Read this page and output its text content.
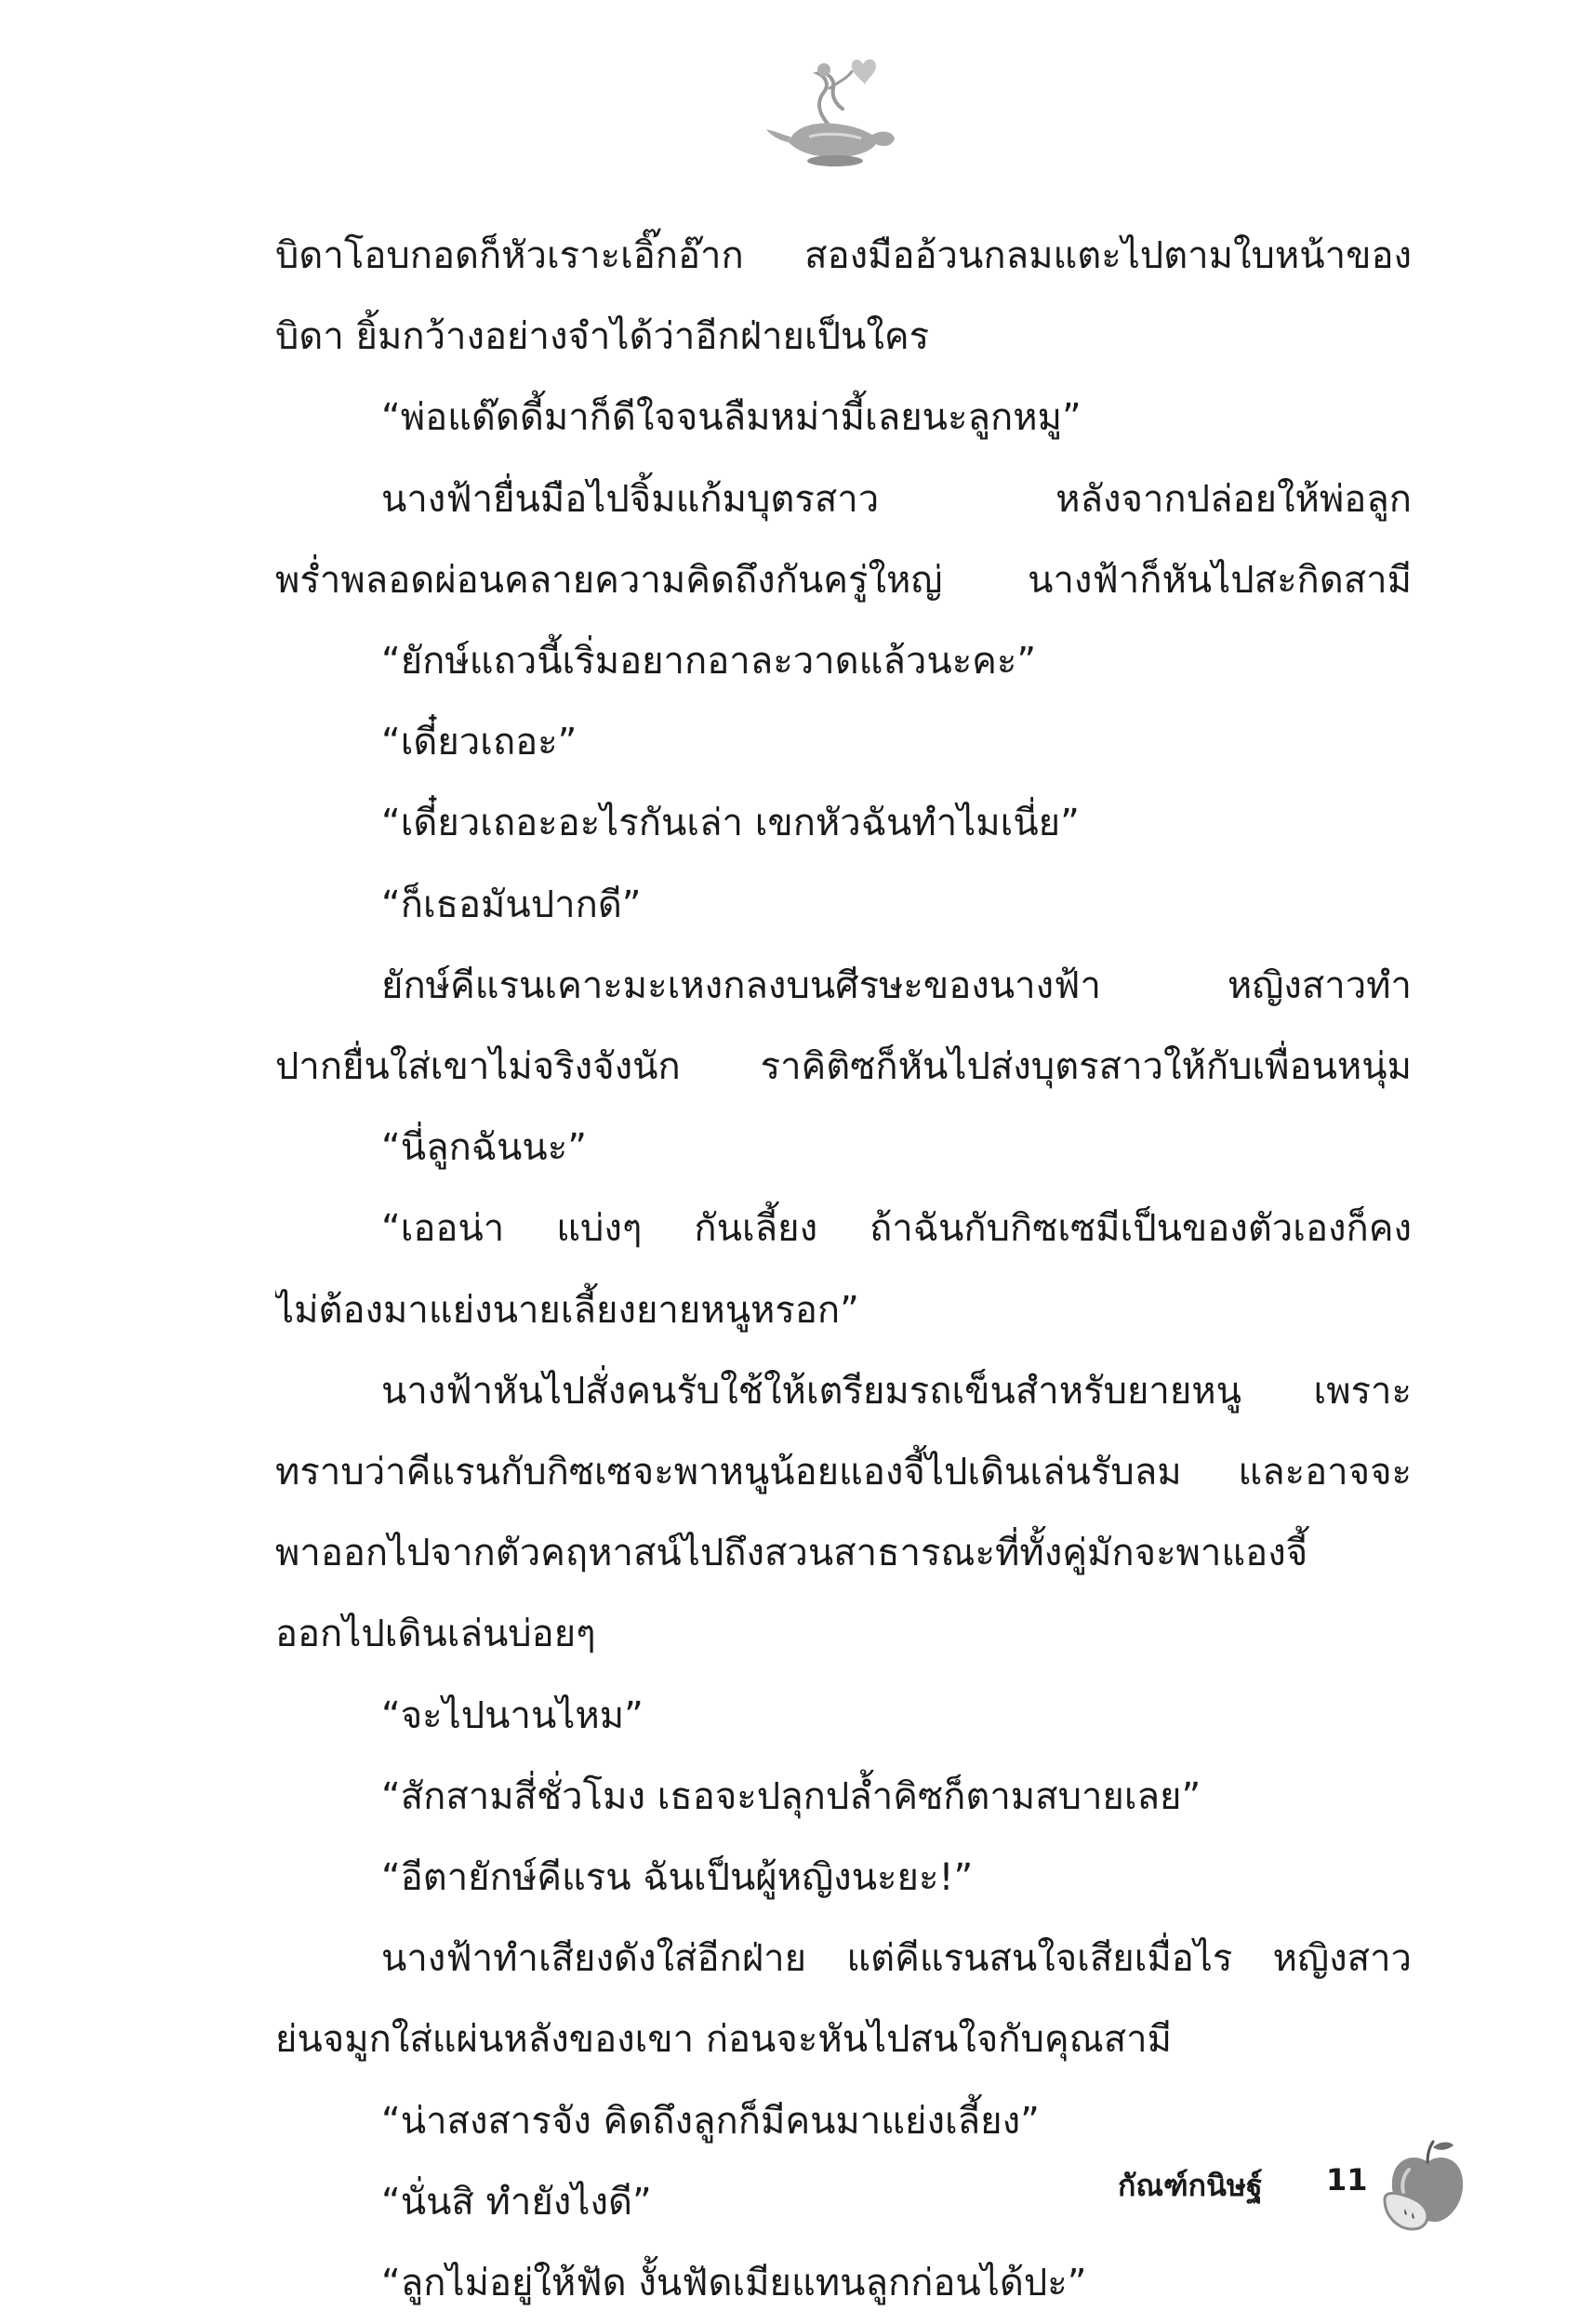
บิดาโอบกอดก็หัวเราะเอิ๊กอ๊าก สองมืออ้วนกลมแตะไปตามใบหน้าของ

บิดา ยิ้มกว้างอย่างจำได้ว่าอีกฝ่ายเป็นใคร

“พ่อแด๊ดดี้มาก็ดีใจจนลืมหม่ามี้เลยนะลูกหมู”

นางฟ้ายื่นมือไปจิ้มแก้มบุตรสาว หลังจากปล่อยให้พ่อลูก

พร่ำพลอดผ่อนคลายความคิดถึงกันครู่ใหญ่ นางฟ้าก็หันไปสะกิดสามี

“ยักษ์แถวนี้เริ่มอยากอาละวาดแล้วนะคะ”

“เดี๋ยวเถอะ”

“เดี๋ยวเถอะอะไรกันเล่า เขกหัวฉันทำไมเนี่ย”

“ก็เธอมันปากดี”

ยักษ์คีแรนเคาะมะเหงกลงบนศีรษะของนางฟ้า หญิงสาวทำ

ปากยื่นใส่เขาไม่จริงจังนัก ราคิติซก็หันไปส่งบุตรสาวให้กับเพื่อนหนุ่ม

“นี่ลูกฉันนะ”

“เออน่า แบ่งๆ กันเลี้ยง ถ้าฉันกับกิซเซมีเป็นของตัวเองก็คง

ไม่ต้องมาแย่งนายเลี้ยงยายหนูหรอก”

นางฟ้าหันไปสั่งคนรับใช้ให้เตรียมรถเข็นสำหรับยายหนู เพราะ

ทราบว่าคีแรนกับกิซเซจะพาหนูน้อยแองจี้ไปเดินเล่นรับลม และอาจจะ

พาออกไปจากตัวคฤหาสน์ไปถึงสวนสาธารณะที่ทั้งคู่มักจะพาแองจี้

ออกไปเดินเล่นบ่อยๆ

“จะไปนานไหม”

“สักสามสี่ชั่วโมง เธอจะปลุกปล้ำคิซก็ตามสบายเลย”

“อีตายักษ์คีแรน ฉันเป็นผู้หญิงนะยะ!”

นางฟ้าทำเสียงดังใส่อีกฝ่าย แต่คีแรนสนใจเสียเมื่อไร หญิงสาว

ย่นจมูกใส่แผ่นหลังของเขา ก่อนจะหันไปสนใจกับคุณสามี

“น่าสงสารจัง คิดถึงลูกก็มีคนมาแย่งเลี้ยง”

“นั่นสิ ทำยังไงดี”

“ลูกไม่อยู่ให้ฟัด งั้นฟัดเมียแทนลูกก่อนได้ปะ”

กัณฑ์กนิษฐ์ 11
